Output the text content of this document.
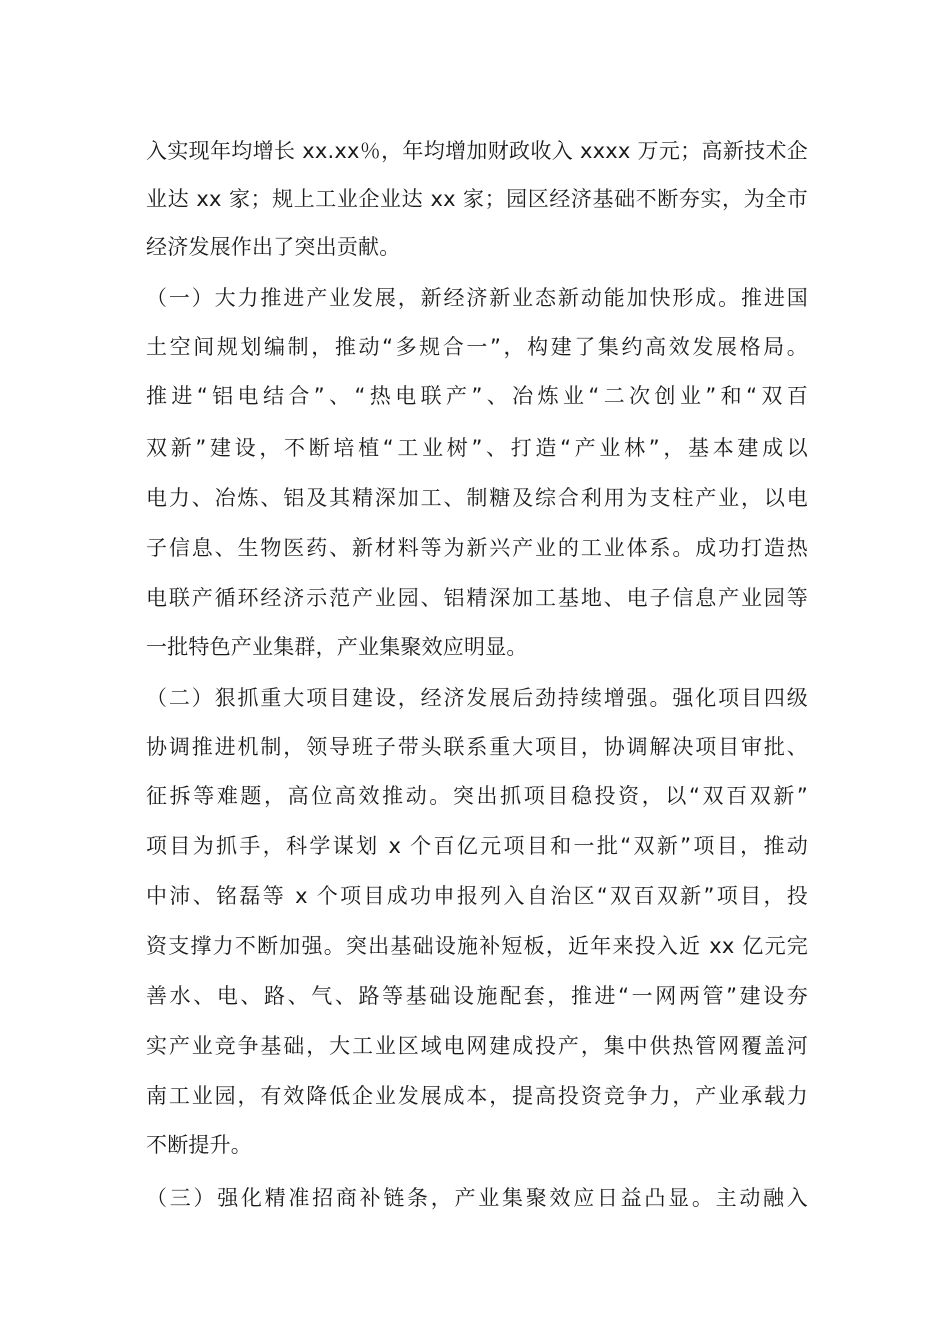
入实现年均增长 xx.xx％，年均增加财政收入 xxxx 万元；高新技术企
业达 xx 家；规上工业企业达 xx 家；园区经济基础不断夯实，为全市
经济发展作出了突出贡献。
（一）大力推进产业发展，新经济新业态新动能加快形成。推进国
土空间规划编制，推动“多规合一”，构建了集约高效发展格局。
推进“铝电结合”、“热电联产”、冶炼业“二次创业”和“双百
双新”建设，不断培植“工业树”、打造“产业林”，基本建成以
电力、冶炼、铝及其精深加工、制糖及综合利用为支柱产业，以电
子信息、生物医药、新材料等为新兴产业的工业体系。成功打造热
电联产循环经济示范产业园、铝精深加工基地、电子信息产业园等
一批特色产业集群，产业集聚效应明显。
（二）狠抓重大项目建设，经济发展后劲持续增强。强化项目四级
协调推进机制，领导班子带头联系重大项目，协调解决项目审批、
征拆等难题，高位高效推动。突出抓项目稳投资，以“双百双新”
项目为抓手，科学谋划 x 个百亿元项目和一批“双新”项目，推动
中沛、铭磊等 x 个项目成功申报列入自治区“双百双新”项目，投
资支撑力不断加强。突出基础设施补短板，近年来投入近 xx 亿元完
善水、电、路、气、路等基础设施配套，推进“一网两管”建设夯
实产业竞争基础，大工业区域电网建成投产，集中供热管网覆盖河
南工业园，有效降低企业发展成本，提高投资竞争力，产业承载力
不断提升。
（三）强化精准招商补链条，产业集聚效应日益凸显。主动融入
